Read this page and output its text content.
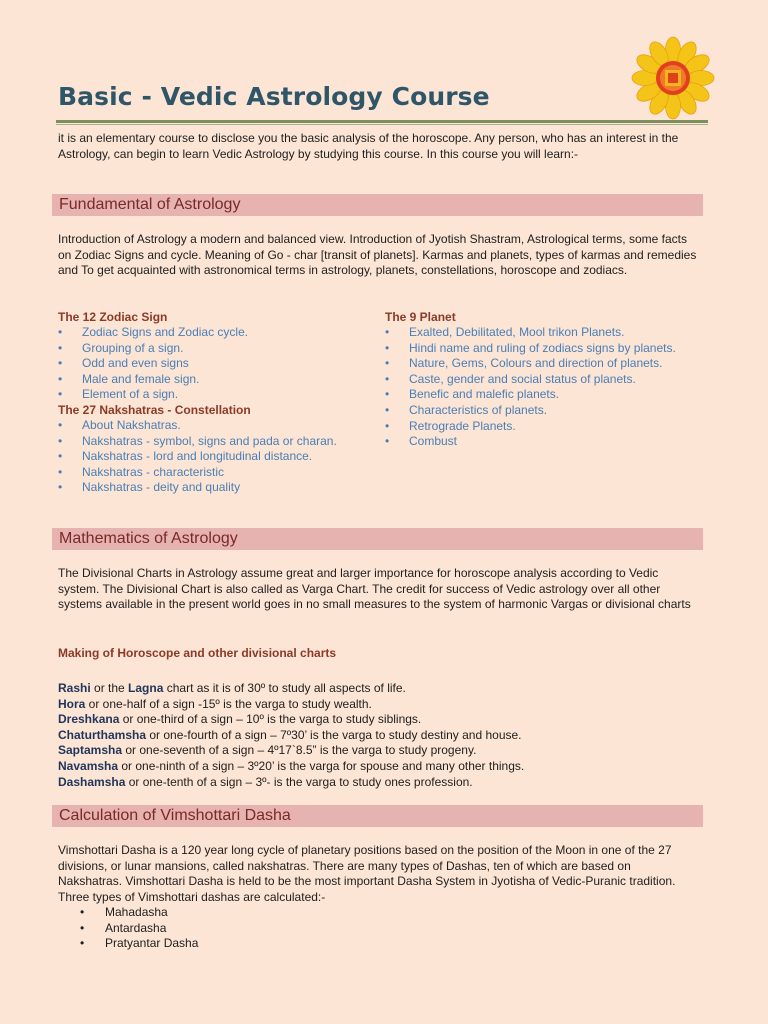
Basic - Vedic Astrology Course

it is an elementary course to disclose you the basic analysis of the horoscope. Any person, who has an interest in the Astrology, can begin to learn Vedic Astrology by studying this course. In this course you will learn:-

Fundamental of Astrology

Introduction of Astrology a modern and balanced view. Introduction of Jyotish Shastram, Astrological terms, some facts on Zodiac Signs and cycle. Meaning of Go - char [transit of planets]. Karmas and planets, types of karmas and remedies and To get acquainted with astronomical terms in astrology, planets, constellations, horoscope and zodiacs.

The 12 Zodiac Sign
• Zodiac Signs and Zodiac cycle.
• Grouping of a sign.
• Odd and even signs
• Male and female sign.
• Element of a sign.
The 27 Nakshatras - Constellation
• About Nakshatras.
• Nakshatras - symbol, signs and pada or charan.
• Nakshatras - lord and longitudinal distance.
• Nakshatras - characteristic
• Nakshatras - deity and quality
The 9 Planet
• Exalted, Debilitated, Mool trikon Planets.
• Hindi name and ruling of zodiacs signs by planets.
• Nature, Gems, Colours and direction of planets.
• Caste, gender and social status of planets.
• Benefic and malefic planets.
• Characteristics of planets.
• Retrograde Planets.
• Combust
Mathematics of Astrology

The Divisional Charts in Astrology assume great and larger importance for horoscope analysis according to Vedic system. The Divisional Chart is also called as Varga Chart. The credit for success of Vedic astrology over all other systems available in the present world goes in no small measures to the system of harmonic Vargas or divisional charts

Making of Horoscope and other divisional charts
Rashi or the Lagna chart as it is of 30º to study all aspects of life.
Hora or one-half of a sign -15º is the varga to study wealth.
Dreshkana or one-third of a sign – 10º is the varga to study siblings.
Chaturthamsha or one-fourth of a sign – 7º30’ is the varga to study destiny and house.
Saptamsha or one-seventh of a sign – 4º17`8.5” is the varga to study progeny.
Navamsha or one-ninth of a sign – 3º20’ is the varga for spouse and many other things.
Dashamsha or one-tenth of a sign – 3º- is the varga to study ones profession.
Calculation of Vimshottari Dasha

Vimshottari Dasha is a 120 year long cycle of planetary positions based on the position of the Moon in one of the 27 divisions, or lunar mansions, called nakshatras. There are many types of Dashas, ten of which are based on Nakshatras. Vimshottari Dasha is held to be the most important Dasha System in Jyotisha of Vedic-Puranic tradition. Three types of Vimshottari dashas are calculated:-

• Mahadasha
• Antardasha
• Pratyantar Dasha
